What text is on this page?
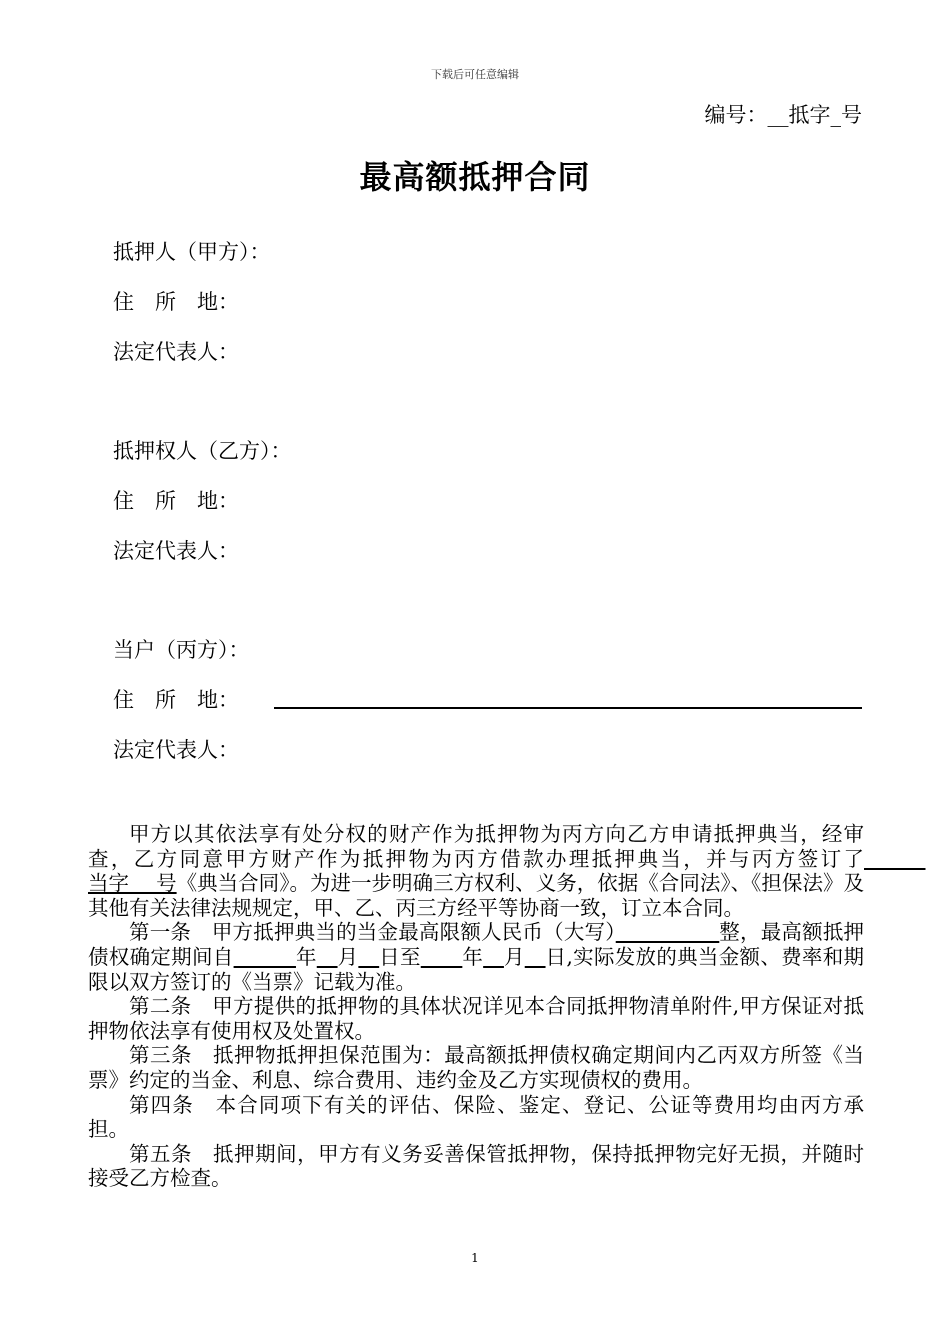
下载后可任意编辑
编号：__抵字_号
最高额抵押合同
抵押人（甲方）：
住　所　地：
法定代表人：
抵押权人（乙方）：
住　所　地：
法定代表人：
当户（丙方）：
住　所　地：
法定代表人：

甲方以其依法享有处分权的财产作为抵押物为丙方向乙方申请抵押典当，经审查，乙方同意甲方财产作为抵押物为丙方借款办理抵押典当，并与丙方签订了　　　当字　 号《典当合同》。为进一步明确三方权利、义务，依据《合同法》、《担保法》及其他有关法律法规规定，甲、乙、丙三方经平等协商一致，订立本合同。

第一条　甲方抵押典当的当金最高限额人民币（大写）　　　　　	整，最高额抵押债权确定期间自　　　	年　 月　 日至　　 年　 月　 日,实际发放的典当金额、费率和期限以双方签订的《当票》记载为准。

第二条　甲方提供的抵押物的具体状况详见本合同抵押物清单附件,甲方保证对抵押物依法享有使用权及处置权。

第三条　抵押物抵押担保范围为：最高额抵押债权确定期间内乙丙双方所签《当票》约定的当金、利息、综合费用、违约金及乙方实现债权的费用。

第四条　本合同项下有关的评估、保险、鉴定、登记、公证等费用均由丙方承担。

第五条　抵押期间，甲方有义务妥善保管抵押物，保持抵押物完好无损，并随时接受乙方检查。

1
